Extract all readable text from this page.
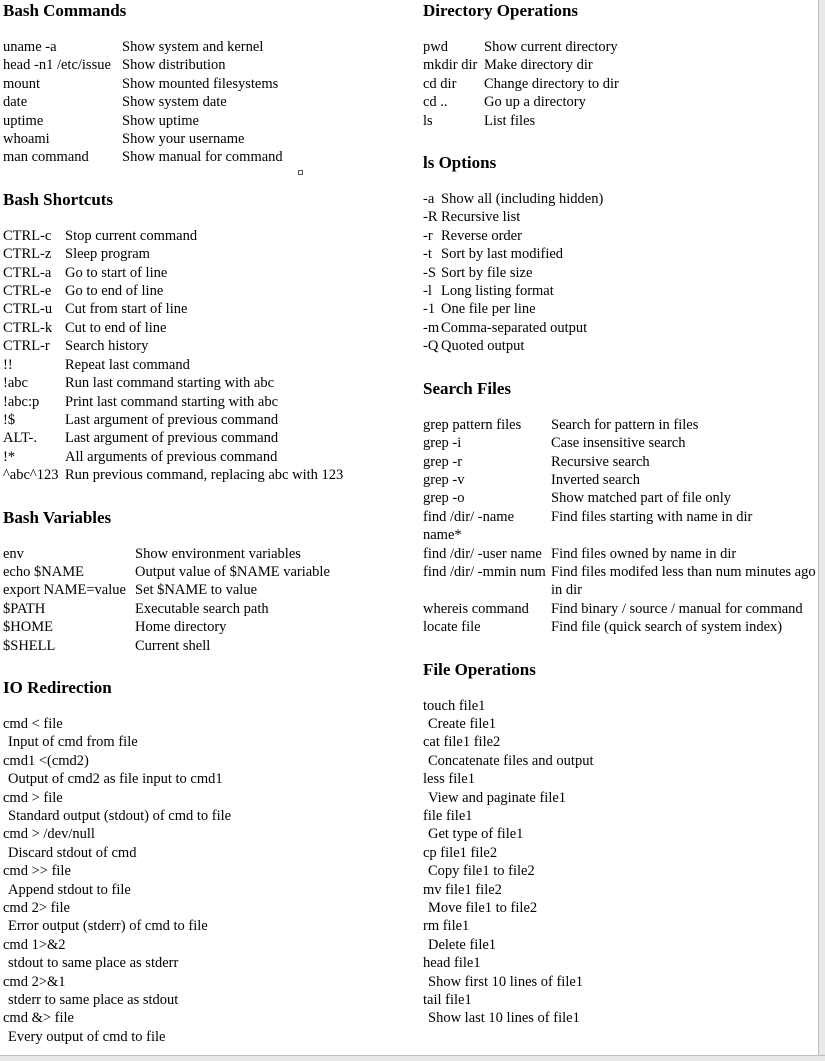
Bash Commands
uname -a	Show system and kernel
head -n1 /etc/issue Show distribution
mount	Show mounted filesystems
date	Show system date
uptime	Show uptime
whoami	Show your username
man command	Show manual for command
Bash Shortcuts
CTRL-c Stop current command
CTRL-z Sleep program
CTRL-a Go to start of line
CTRL-e Go to end of line
CTRL-u Cut from start of line
CTRL-k Cut to end of line
CTRL-r	Search history
!!	Repeat last command
!abc	Run last command starting with abc
!abc:p	Print last command starting with abc
!$	Last argument of previous command
ALT-.	Last argument of previous command
!*	All arguments of previous command
^abc^123 Run previous command, replacing abc with 123
Bash Variables
env	Show environment variables
echo $NAME	Output value of $NAME variable
export NAME=value Set $NAME to value
$PATH	Executable search path
$HOME	Home directory
$SHELL	Current shell
IO Redirection
cmd < file
Input of cmd from file
cmd1 <(cmd2)
Output of cmd2 as file input to cmd1
cmd > file
Standard output (stdout) of cmd to file
cmd > /dev/null
Discard stdout of cmd
cmd >> file
Append stdout to file
cmd 2> file
Error output (stderr) of cmd to file
cmd 1>&2
stdout to same place as stderr
cmd 2>&1
stderr to same place as stdout
cmd &> file
Every output of cmd to file
Directory Operations
pwd	Show current directory
mkdir dir Make directory dir
cd dir	Change directory to dir
cd ..	Go up a directory
ls	List files
ls Options
-a Show all (including hidden)
-R Recursive list
-r Reverse order
-t Sort by last modified
-S Sort by file size
-l Long listing format
-1 One file per line
-m Comma-separated output
-Q Quoted output
Search Files
grep pattern files	Search for pattern in files
grep -i	Case insensitive search
grep -r	Recursive search
grep -v	Inverted search
grep -o	Show matched part of file only
find /dir/ -name name*
Find files starting with name in dir
find /dir/ -user name Find files owned by name in dir
find /dir/ -mmin num Find files modifed less than num minutes ago in dir
whereis command	Find binary / source / manual for command
locate file	Find file (quick search of system index)
File Operations
touch file1
Create file1
cat file1 file2
Concatenate files and output
less file1
View and paginate file1
file file1
Get type of file1
cp file1 file2
Copy file1 to file2
mv file1 file2
Move file1 to file2
rm file1
Delete file1
head file1
Show first 10 lines of file1
tail file1
Show last 10 lines of file1
